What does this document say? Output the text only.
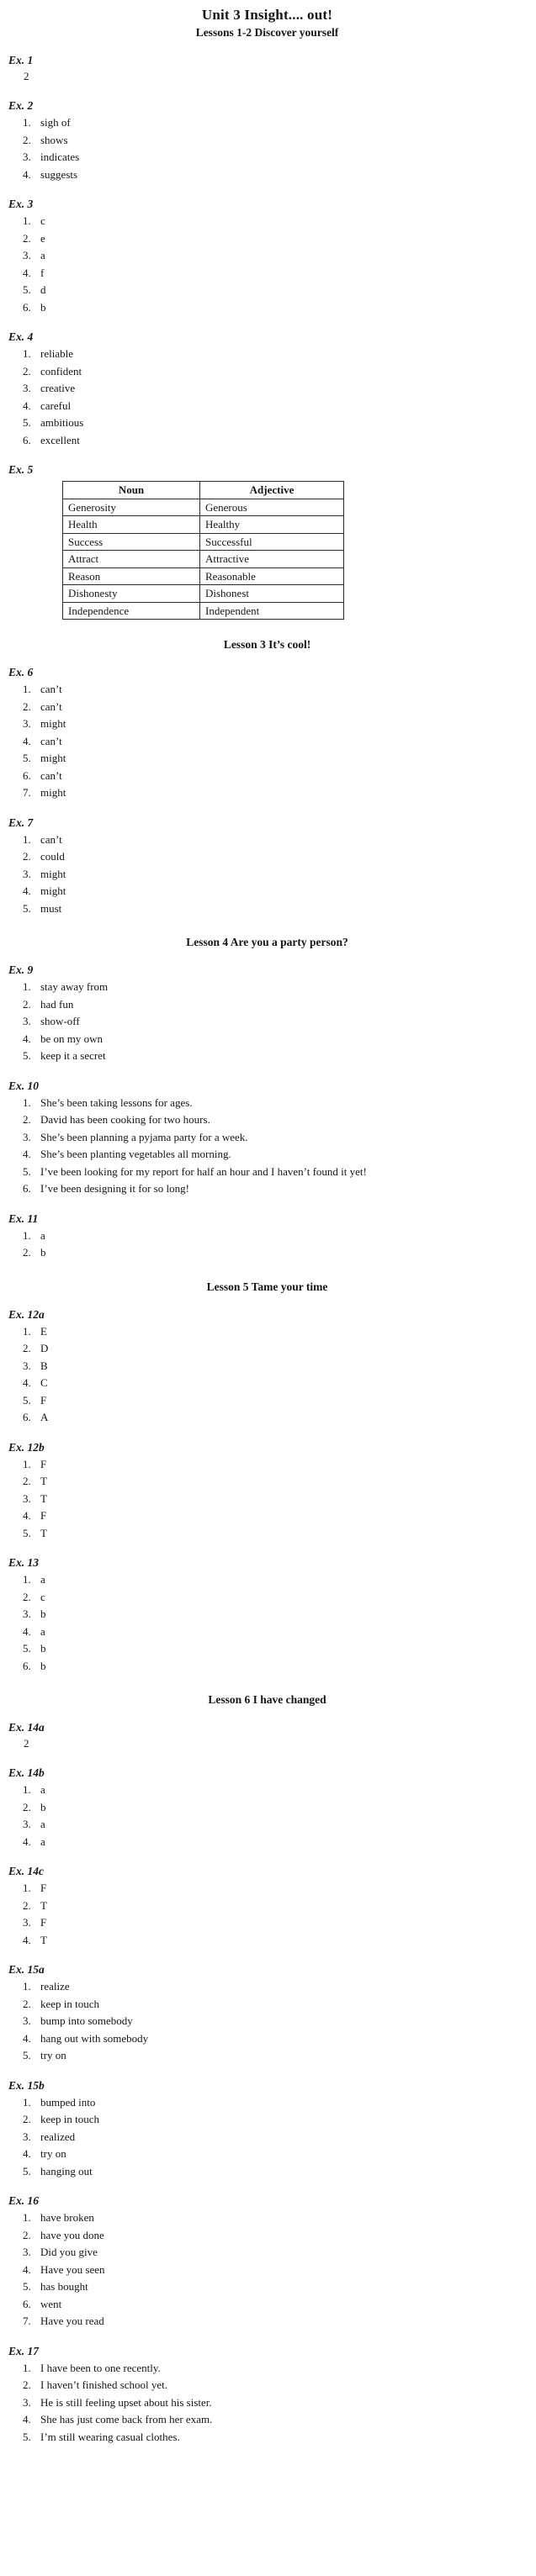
Unit 3 Insight.... out!
Lessons 1-2 Discover yourself
Ex. 1
2
Ex. 2
1. sigh of
2. shows
3. indicates
4. suggests
Ex. 3
1. c
2. e
3. a
4. f
5. d
6. b
Ex. 4
1. reliable
2. confident
3. creative
4. careful
5. ambitious
6. excellent
Ex. 5
Noun	Adjective
Generosity	Generous
Health	Healthy
Success	Successful
Attract	Attractive
Reason	Reasonable
Dishonesty	Dishonest
Independence	Independent
Lesson 3 It’s cool!
Ex. 6
1. can’t
2. can’t
3. might
4. can’t
5. might
6. can’t
7. might
Ex. 7
1. can’t
2. could
3. might
4. might
5. must
Lesson 4 Are you a party person?
Ex. 9
1. stay away from
2. had fun
3. show-off
4. be on my own
5. keep it a secret
Ex. 10
1. She’s been taking lessons for ages.
2. David has been cooking for two hours.
3. She’s been planning a pyjama party for a week.
4. She’s been planting vegetables all morning.
5. I’ve been looking for my report for half an hour and I haven’t found it yet!
6. I’ve been designing it for so long!
Ex. 11
1. a
2. b
Lesson 5 Tame your time
Ex. 12a
1. E
2. D
3. B
4. C
5. F
6. A
Ex. 12b
1. F
2. T
3. T
4. F
5. T
Ex. 13
1. a
2. c
3. b
4. a
5. b
6. b
Lesson 6 I have changed
Ex. 14a
2
Ex. 14b
1. a
2. b
3. a
4. a
Ex. 14c
1. F
2. T
3. F
4. T
Ex. 15a
1. realize
2. keep in touch
3. bump into somebody
4. hang out with somebody
5. try on
Ex. 15b
1. bumped into
2. keep in touch
3. realized
4. try on
5. hanging out
Ex. 16
1. have broken
2. have you done
3. Did you give
4. Have you seen
5. has bought
6. went
7. Have you read
Ex. 17
1. I have been to one recently.
2. I haven’t finished school yet.
3. He is still feeling upset about his sister.
4. She has just come back from her exam.
5. I’m still wearing casual clothes.
